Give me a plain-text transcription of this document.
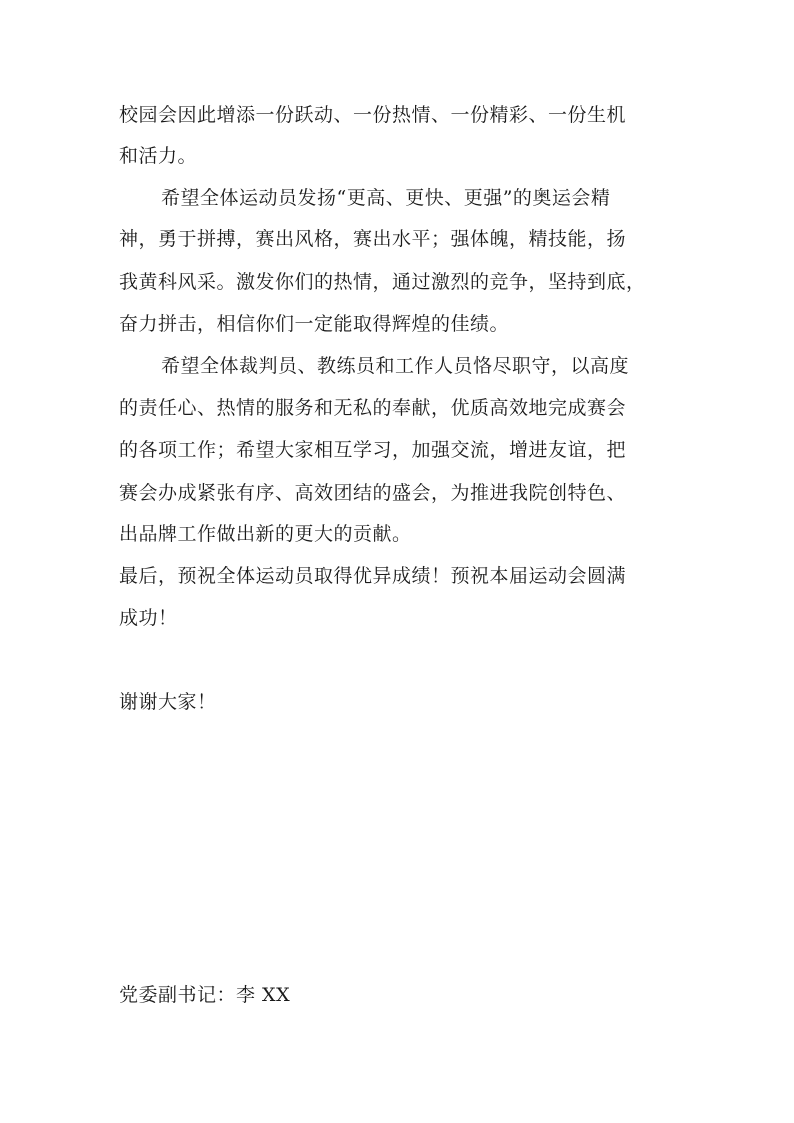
校园会因此增添一份跃动、一份热情、一份精彩、一份生机
和活力。
希望全体运动员发扬“更高、更快、更强”的奥运会精
神，勇于拼搏，赛出风格，赛出水平；强体魄，精技能，扬
我黄科风采。激发你们的热情，通过激烈的竞争，坚持到底，
奋力拼击，相信你们一定能取得辉煌的佳绩。
希望全体裁判员、教练员和工作人员恪尽职守，以高度
的责任心、热情的服务和无私的奉献，优质高效地完成赛会
的各项工作；希望大家相互学习，加强交流，增进友谊，把
赛会办成紧张有序、高效团结的盛会，为推进我院创特色、
出品牌工作做出新的更大的贡献。
最后，预祝全体运动员取得优异成绩！预祝本届运动会圆满
成功！
谢谢大家！
党委副书记：李 XX
